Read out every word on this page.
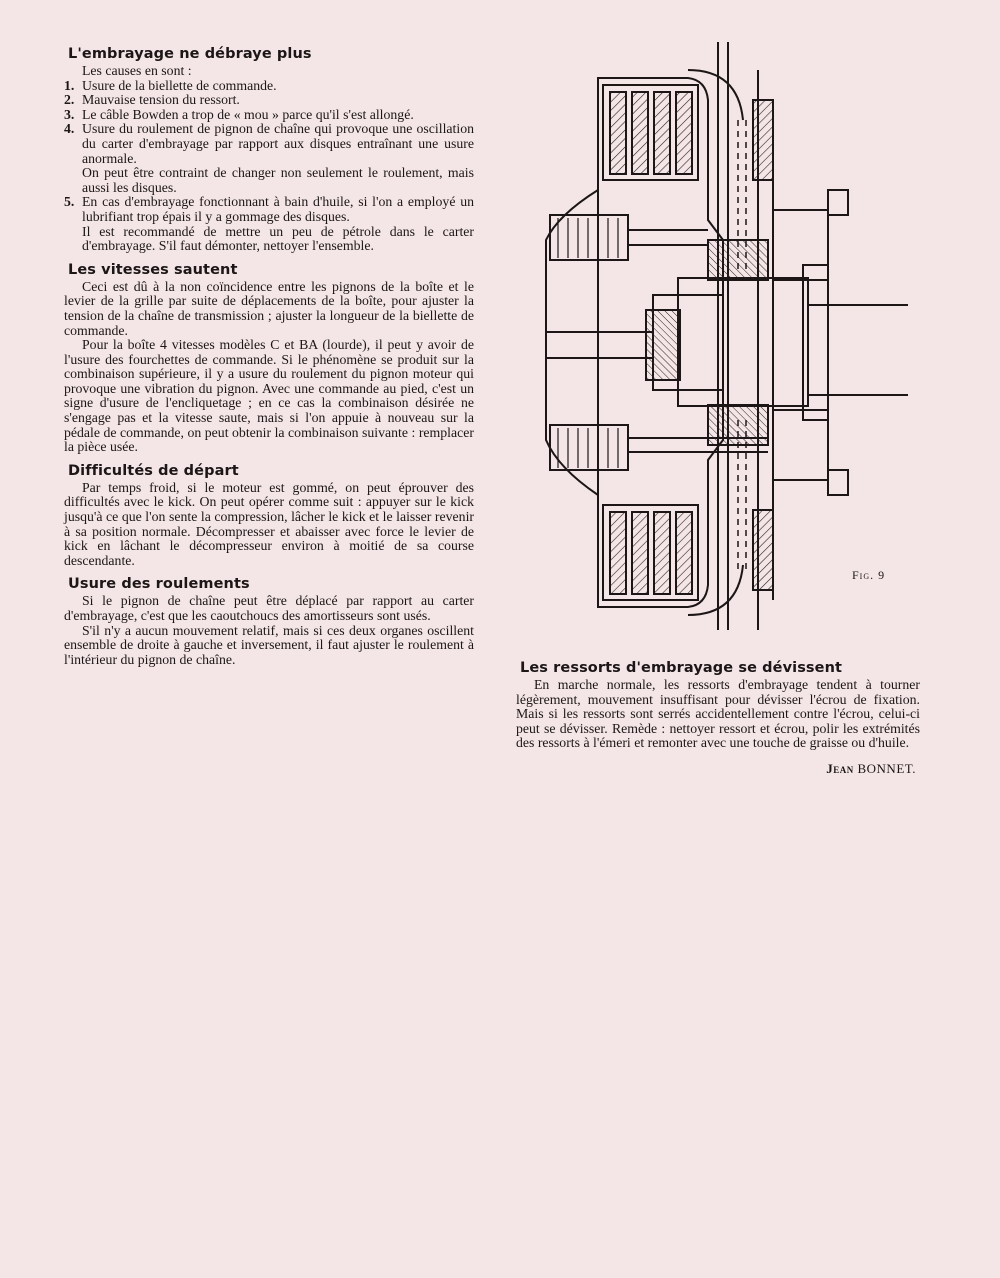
L'embrayage ne débraye plus

Les causes en sont :

1. Usure de la biellette de commande.
2. Mauvaise tension du ressort.
3. Le câble Bowden a trop de « mou » parce qu'il s'est allongé.
4. Usure du roulement de pignon de chaîne qui provoque une oscillation du carter d'embrayage par rapport aux disques entraînant une usure anormale.

On peut être contraint de changer non seulement le roulement, mais aussi les disques.

5. En cas d'embrayage fonctionnant à bain d'huile, si l'on a employé un lubrifiant trop épais il y a gommage des disques.

Il est recommandé de mettre un peu de pétrole dans le carter d'embrayage. S'il faut démonter, nettoyer l'ensemble.

Les vitesses sautent

Ceci est dû à la non coïncidence entre les pignons de la boîte et le levier de la grille par suite de déplacements de la boîte, pour ajuster la tension de la chaîne de transmission ; ajuster la longueur de la biellette de commande.

Pour la boîte 4 vitesses modèles C et BA (lourde), il peut y avoir de l'usure des fourchettes de commande. Si le phénomène se produit sur la combinaison supérieure, il y a usure du roulement du pignon moteur qui provoque une vibration du pignon. Avec une commande au pied, c'est un signe d'usure de l'encliquetage ; en ce cas la combinaison désirée ne s'engage pas et la vitesse saute, mais si l'on appuie à nouveau sur la pédale de commande, on peut obtenir la combinaison suivante : remplacer la pièce usée.

Difficultés de départ

Par temps froid, si le moteur est gommé, on peut éprouver des difficultés avec le kick. On peut opérer comme suit : appuyer sur le kick jusqu'à ce que l'on sente la compression, lâcher le kick et le laisser revenir à sa position normale. Décompresser et abaisser avec force le levier de kick en lâchant le décompresseur environ à moitié de sa course descendante.

Usure des roulements

Si le pignon de chaîne peut être déplacé par rapport au carter d'embrayage, c'est que les caoutchoucs des amortisseurs sont usés.

S'il n'y a aucun mouvement relatif, mais si ces deux organes oscillent ensemble de droite à gauche et inversement, il faut ajuster le roulement à l'intérieur du pignon de chaîne.

Fig. 9
Les ressorts d'embrayage se dévissent

En marche normale, les ressorts d'embrayage tendent à tourner légèrement, mouvement insuffisant pour dévisser l'écrou de fixation. Mais si les ressorts sont serrés accidentellement contre l'écrou, celui-ci peut se dévisser. Remède : nettoyer ressort et écrou, polir les extrémités des ressorts à l'émeri et remonter avec une touche de graisse ou d'huile.

Jean BONNET.
